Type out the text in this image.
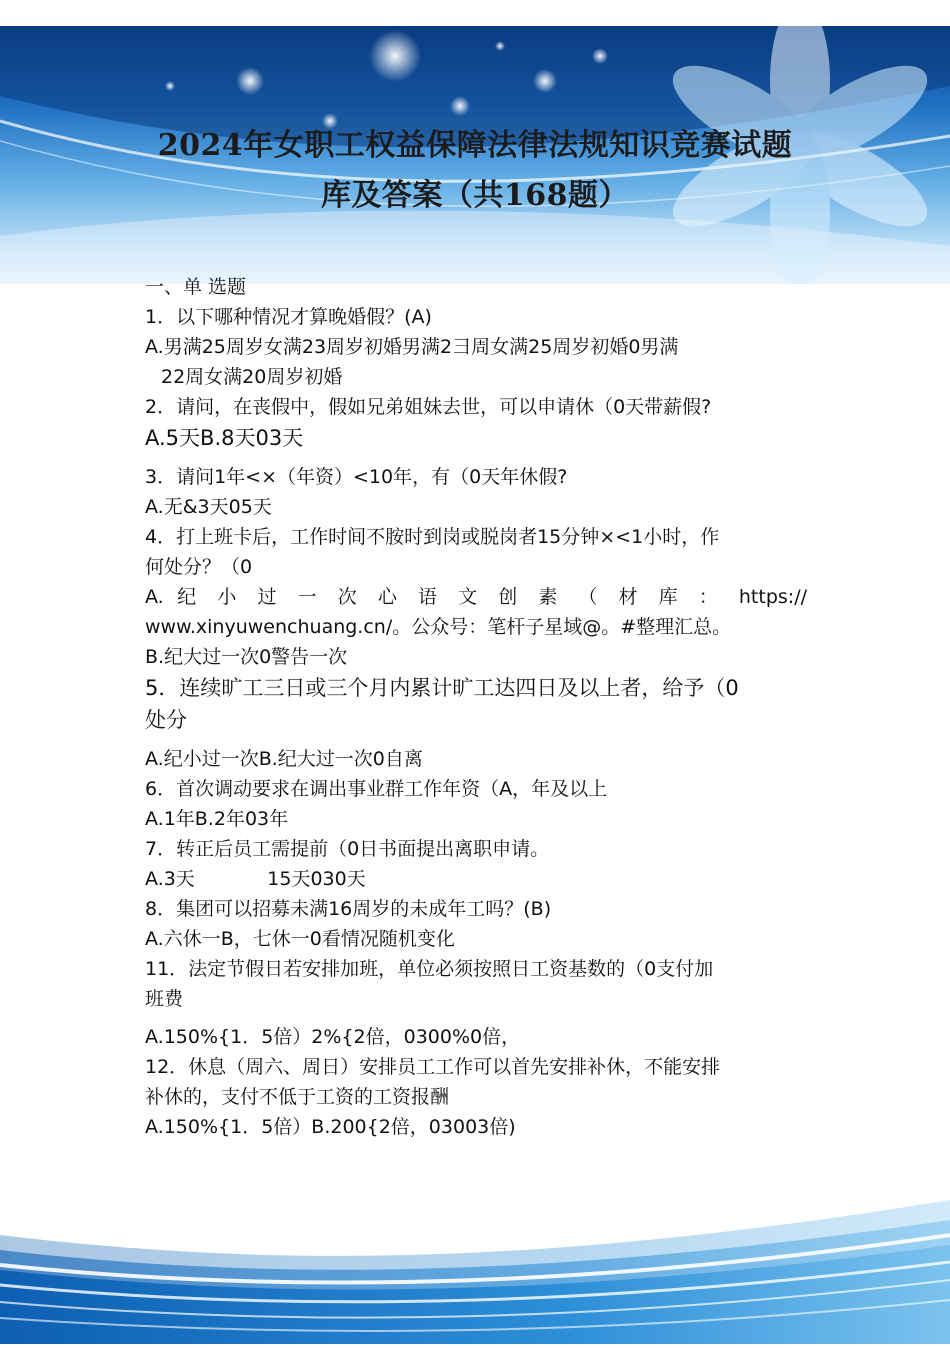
2024年女职工权益保障法律法规知识竞赛试题
库及答案（共168题）

一、单 选题

1．以下哪种情况才算晚婚假？(A)

A.男满25周岁女满23周岁初婚男满2彐周女满25周岁初婚0男满

22周女满20周岁初婚

2．请问，在丧假中，假如兄弟姐妹去世，可以申请休（0天带薪假?

A.5天B.8天03天

3．请问1年<×（年资）<10年，有（0天年休假?

A.无&3天05天

4．打上班卡后，工作时间不胺时到岗或脱岗者15分钟×<1小时，作

何处分？（0

A. 纪 小 过 一 次 心 语 文 创 素 （ 材 库 ： https://

www.xinyuwenchuang.cn/。公众号：笔杆子星域@。#整理汇总。

B.纪大过一次0警告一次

5．连续旷工三日或三个月内累计旷工达四日及以上者，给予（0

处分

A.纪小过一次B.纪大过一次0自离

6．首次调动要求在调出事业群工作年资（A，年及以上

A.1年B.2年03年

7．转正后员工需提前（0日书面提出离职申请。

A.3天            15天030天

8．集团可以招募未满16周岁的未成年工吗？(B)

A.六休一B，七休一0看情况随机变化

11．法定节假日若安排加班，单位必须按照日工资基数的（0支付加

班费

A.150%{1．5倍）2%{2倍，0300%0倍，

12．休息（周六、周日）安排员工工作可以首先安排补休，不能安排

补休的，支付不低于工资的工资报酬

A.150%{1．5倍）B.200{2倍，03003倍)
